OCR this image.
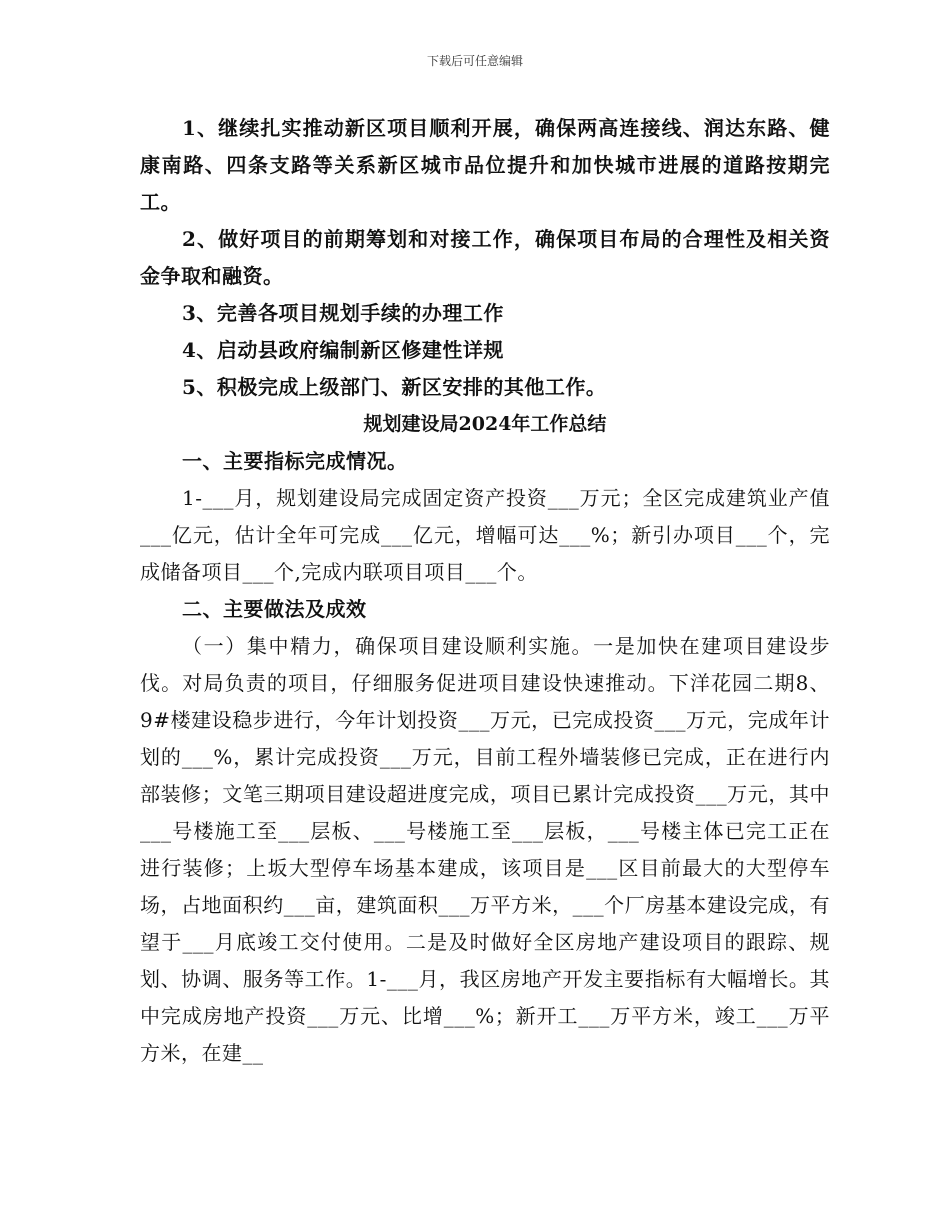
下载后可任意编辑

1、继续扎实推动新区项目顺利开展，确保两高连接线、润达东路、健康南路、四条支路等关系新区城市品位提升和加快城市进展的道路按期完工。

2、做好项目的前期筹划和对接工作，确保项目布局的合理性及相关资金争取和融资。

3、完善各项目规划手续的办理工作

4、启动县政府编制新区修建性详规

5、积极完成上级部门、新区安排的其他工作。

规划建设局2024年工作总结

一、主要指标完成情况。

1-___月，规划建设局完成固定资产投资___万元；全区完成建筑业产值___亿元，估计全年可完成___亿元，增幅可达___%；新引办项目___个，完成储备项目___个,完成内联项目项目___个。

二、主要做法及成效

（一）集中精力，确保项目建设顺利实施。一是加快在建项目建设步伐。对局负责的项目，仔细服务促进项目建设快速推动。下洋花园二期8、9#楼建设稳步进行，今年计划投资___万元，已完成投资___万元，完成年计划的___%，累计完成投资___万元，目前工程外墙装修已完成，正在进行内部装修；文笔三期项目建设超进度完成，项目已累计完成投资___万元，其中___号楼施工至___层板、___号楼施工至___层板，___号楼主体已完工正在进行装修；上坂大型停车场基本建成，该项目是___区目前最大的大型停车场，占地面积约___亩，建筑面积___万平方米，___个厂房基本建设完成，有望于___月底竣工交付使用。二是及时做好全区房地产建设项目的跟踪、规划、协调、服务等工作。1-___月，我区房地产开发主要指标有大幅增长。其中完成房地产投资___万元、比增___%；新开工___万平方米，竣工___万平方米，在建__
